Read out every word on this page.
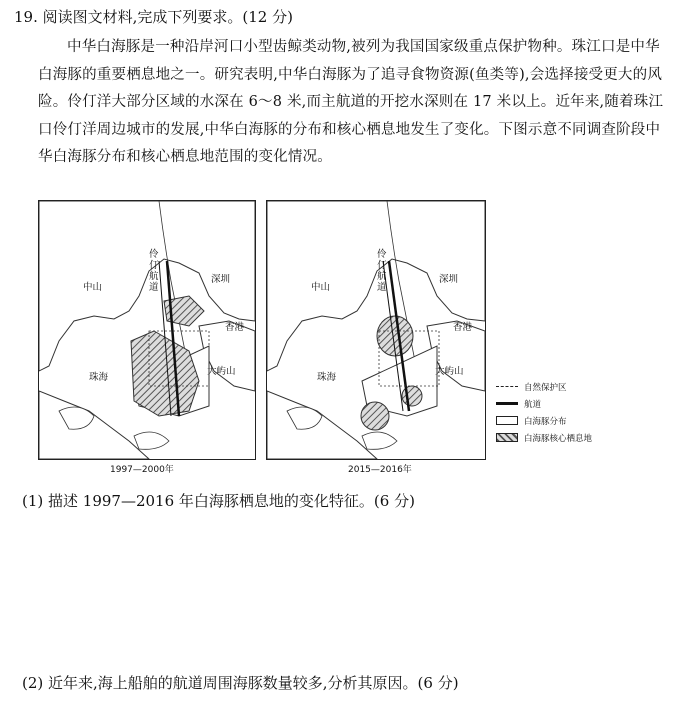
19. 阅读图文材料,完成下列要求。(12 分)
中华白海豚是一种沿岸河口小型齿鲸类动物,被列为我国国家级重点保护物种。珠江口是中华白海豚的重要栖息地之一。研究表明,中华白海豚为了追寻食物资源(鱼类等),会选择接受更大的风险。伶仃洋大部分区域的水深在 6～8 米,而主航道的开挖水深则在 17 米以上。近年来,随着珠江口伶仃洋周边城市的发展,中华白海豚的分布和核心栖息地发生了变化。下图示意不同调查阶段中华白海豚分布和核心栖息地范围的变化情况。
中山
深圳
香港
珠海
大屿山
伶仃航道
1997—2000年
中山
深圳
香港
珠海
大屿山
伶仃航道
2015—2016年
自然保护区
航道
白海豚分布
白海豚核心栖息地
(1) 描述 1997—2016 年白海豚栖息地的变化特征。(6 分)
(2) 近年来,海上船舶的航道周围海豚数量较多,分析其原因。(6 分)
